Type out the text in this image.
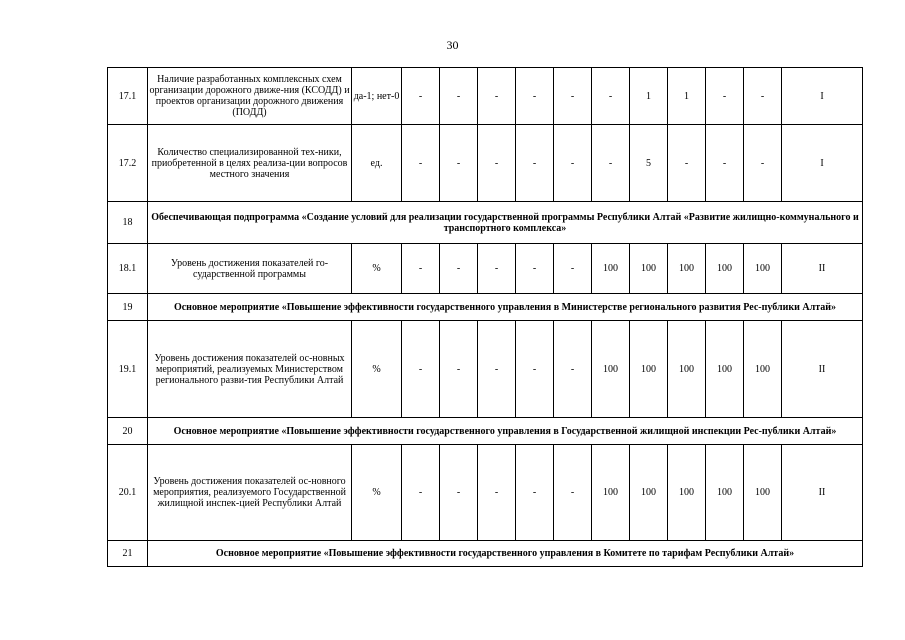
30
17.1	Наличие разработанных комплексных схем организации дорожного движе-ния (КСОДД) и проектов организации дорожного движения (ПОДД)	да-1; нет-0	-	-	-	-	-	-	1	1	-	-	I
17.2	Количество специализированной тех-ники, приобретенной в целях реализа-ции вопросов местного значения	ед.	-	-	-	-	-	-	5	-	-	-	I
18	Обеспечивающая подпрограмма «Создание условий для реализации государственной программы Республики Алтай «Развитие жилищно-коммунального и транспортного комплекса»												
18.1	Уровень достижения показателей го-сударственной программы	%	-	-	-	-	-	100	100	100	100	100	II
19	Основное мероприятие «Повышение эффективности государственного управления в Министерстве регионального развития Рес-публики Алтай»												
19.1	Уровень достижения показателей ос-новных мероприятий, реализуемых Министерством регионального разви-тия Республики Алтай	%	-	-	-	-	-	100	100	100	100	100	II
20	Основное мероприятие «Повышение эффективности государственного управления в Государственной жилищной инспекции Рес-публики Алтай»												
20.1	Уровень достижения показателей ос-новного мероприятия, реализуемого Государственной жилищной инспек-цией Республики Алтай	%	-	-	-	-	-	100	100	100	100	100	II
21	Основное мероприятие «Повышение эффективности государственного управления в Комитете по тарифам Республики Алтай»												
